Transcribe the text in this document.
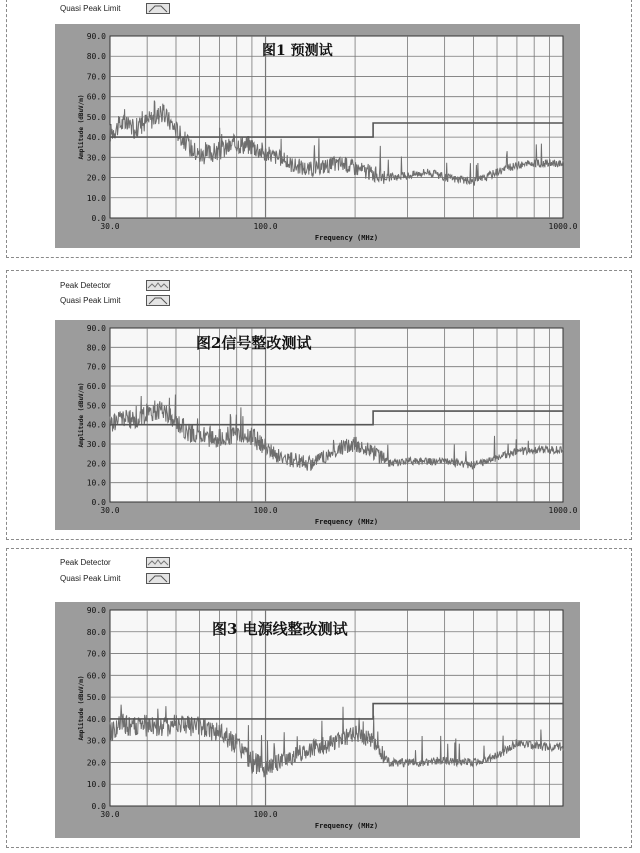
Quasi Peak Limit
Peak Detector
Quasi Peak Limit
Peak Detector
Quasi Peak Limit
0.0
10.0
20.0
30.0
40.0
50.0
60.0
70.0
80.0
90.0
30.0	100.0	1000.0
Frequency (MHz)
Amplitude (dBuV/m)
0.0
10.0
20.0
30.0
40.0
50.0
60.0
70.0
80.0
90.0
30.0	100.0	1000.0
Frequency (MHz)
Amplitude (dBuV/m)
0.0
10.0
20.0
30.0
40.0
50.0
60.0
70.0
80.0
90.0
30.0	100.0
Frequency (MHz)
Amplitude (dBuV/m)
图1 预测试
图2信号整改测试
图3 电源线整改测试
